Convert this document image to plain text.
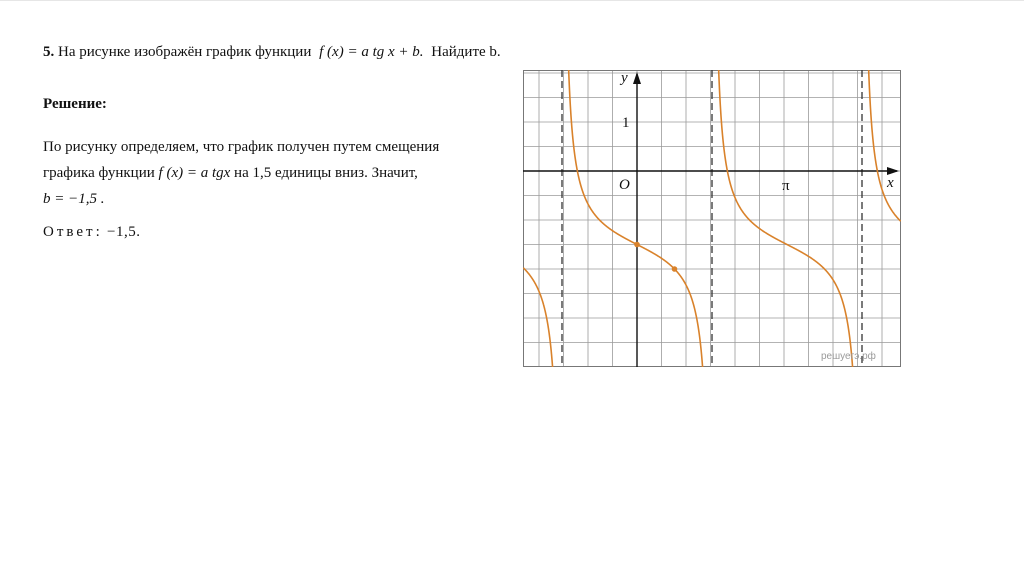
5. На рисунке изображён график функции f (x) = a tg x + b. Найдите b.
Решение:
По рисунку определяем, что график получен путем смещения
графика функции f (x) = a tgx на 1,5 единицы вниз. Значит,
b = −1,5 .
Ответ: −1,5.
y
x
1
O	π
решуегэ.рф
